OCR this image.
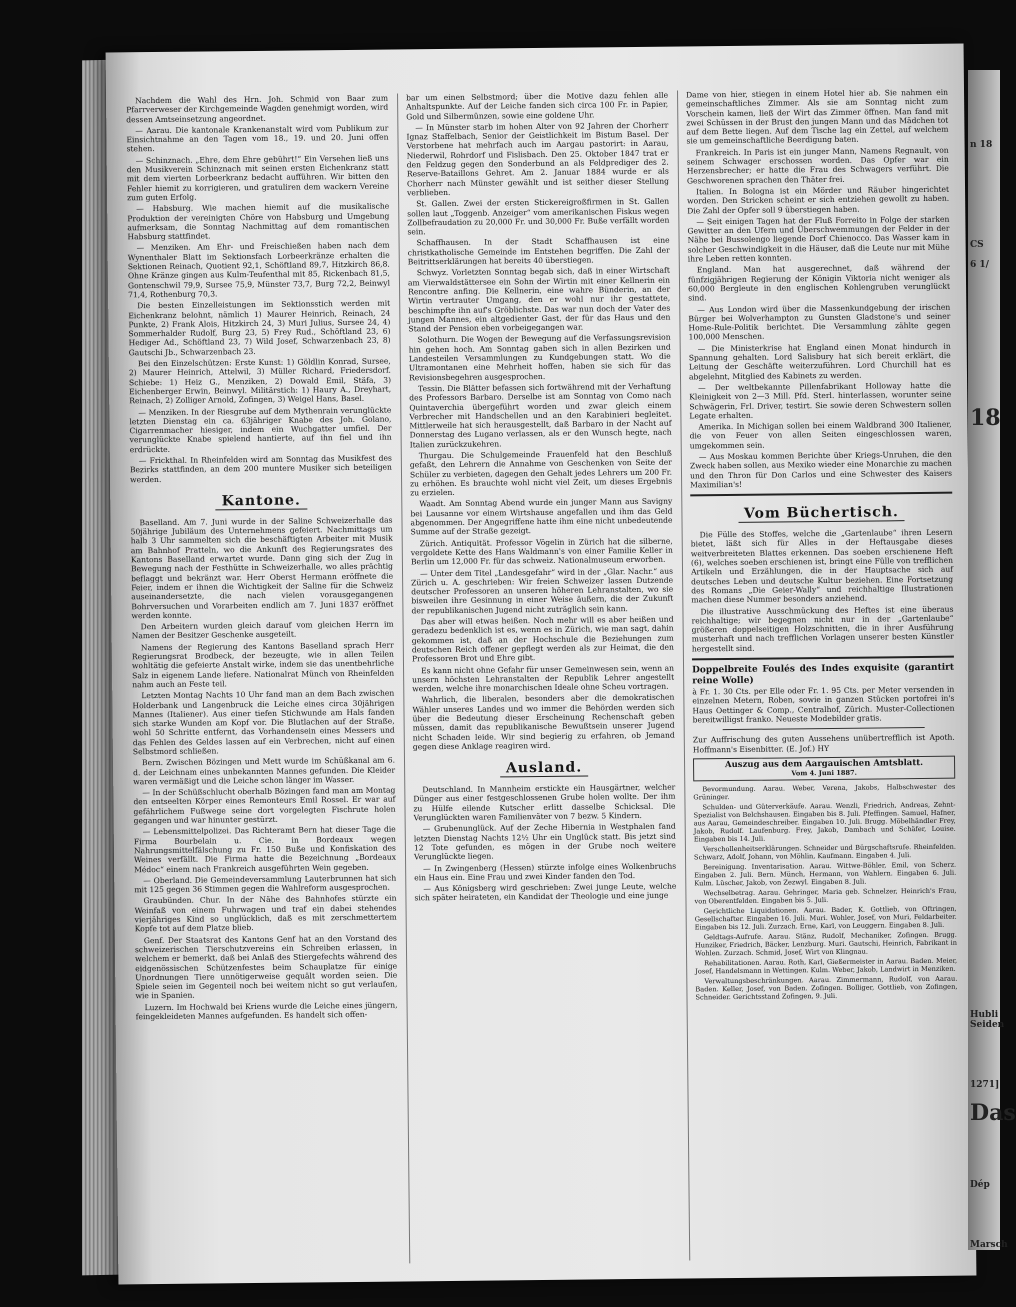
Nachdem die Wahl des Hrn. Joh. Schmid von Baar zum Pfarrverweser der Kirchgemeinde Wagden genehmigt worden, wird dessen Amtseinsetzung angeordnet.

— Aarau. Die kantonale Krankenanstalt wird vom Publikum zur Einsichtnahme an den Tagen vom 18., 19. und 20. Juni offen stehen.

— Schinznach. „Ehre, dem Ehre gebührt!“ Ein Versehen ließ uns den Musikverein Schinznach mit seinen ersten Eichenkranz statt mit dem vierten Lorbeerkranz bedacht aufführen. Wir bitten den Fehler hiemit zu korrigieren, und gratuliren dem wackern Vereine zum guten Erfolg.

— Habsburg. Wie machen hiemit auf die musikalische Produktion der vereinigten Chöre von Habsburg und Umgebung aufmerksam, die Sonntag Nachmittag auf dem romantischen Habsburg stattfindet.

— Menziken. Am Ehr- und Freischießen haben nach dem Wynenthaler Blatt im Sektionsfach Lorbeerkränze erhalten die Sektionen Reinach, Quotient 92,1, Schöftland 89,7, Hitzkirch 86,8. Ohne Kränze gingen aus Kulm-Teufenthal mit 85, Rickenbach 81,5, Gontenschwil 79,9, Sursee 75,9, Münster 73,7, Burg 72,2, Beinwyl 71,4, Rothenburg 70,3.

Die besten Einzelleistungen im Sektionsstich werden mit Eichenkranz belohnt, nämlich 1) Maurer Heinrich, Reinach, 24 Punkte, 2) Frank Alois, Hitzkirch 24, 3) Muri Julius, Sursee 24, 4) Sommerhalder Rudolf, Burg 23, 5) Frey Rud., Schöftland 23, 6) Hediger Ad., Schöftland 23, 7) Wild Josef, Schwarzenbach 23, 8) Gautschi Jb., Schwarzenbach 23.

Bei den Einzelschützen: Erste Kunst: 1) Göldlin Konrad, Sursee, 2) Maurer Heinrich, Attelwil, 3) Müller Richard, Friedersdorf. Schiebe: 1) Heiz G., Menziken, 2) Dowald Emil, Stäfa, 3) Eichenberger Erwin, Beinwyl. Militärstich: 1) Haury A., Dreyhart, Reinach, 2) Zolliger Arnold, Zofingen, 3) Weigel Hans, Basel.

— Menziken. In der Riesgrube auf dem Mythenrain verunglückte letzten Dienstag ein ca. 63jähriger Knabe des Joh. Golano, Cigarrenmacher hiesiger, indem ein Wuchgatter umfiel. Der verunglückte Knabe spielend hantierte, auf ihn fiel und ihn erdrückte.

— Frickthal. In Rheinfelden wird am Sonntag das Musikfest des Bezirks stattfinden, an dem 200 muntere Musiker sich beteiligen werden.

Kantone.

Baselland. Am 7. Juni wurde in der Saline Schweizerhalle das 50jährige Jubiläum des Unternehmens gefeiert. Nachmittags um halb 3 Uhr sammelten sich die beschäftigten Arbeiter mit Musik am Bahnhof Pratteln, wo die Ankunft des Regierungsrates des Kantons Baselland erwartet wurde. Dann ging sich der Zug in Bewegung nach der Festhütte in Schweizerhalle, wo alles prächtig beflaggt und bekränzt war. Herr Oberst Hermann eröffnete die Feier, indem er ihnen die Wichtigkeit der Saline für die Schweiz auseinandersetzte, die nach vielen vorausgegangenen Bohrversuchen und Vorarbeiten endlich am 7. Juni 1837 eröffnet werden konnte.

Den Arbeitern wurden gleich darauf vom gleichen Herrn im Namen der Besitzer Geschenke ausgeteilt.

Namens der Regierung des Kantons Baselland sprach Herr Regierungsrat Brodbeck, der bezeugte, wie in allen Teilen wohltätig die gefeierte Anstalt wirke, indem sie das unentbehrliche Salz in eigenem Lande liefere. Nationalrat Münch von Rheinfelden nahm auch an Feste teil.

Letzten Montag Nachts 10 Uhr fand man an dem Bach zwischen Holderbank und Langenbruck die Leiche eines circa 30jährigen Mannes (Italiener). Aus einer tiefen Stichwunde am Hals fanden sich starke Wunden am Kopf vor. Die Blutlachen auf der Straße, wohl 50 Schritte entfernt, das Vorhandensein eines Messers und das Fehlen des Geldes lassen auf ein Verbrechen, nicht auf einen Selbstmord schließen.

Bern. Zwischen Bözingen und Mett wurde im Schüßkanal am 6. d. der Leichnam eines unbekannten Mannes gefunden. Die Kleider waren vermäßigt und die Leiche schon länger im Wasser.

— In der Schüßschlucht oberhalb Bözingen fand man am Montag den entseelten Körper eines Remonteurs Emil Rossel. Er war auf gefährlichem Fußwege seine dort vorgelegten Fischrute holen gegangen und war hinunter gestürzt.

— Lebensmittelpolizei. Das Richteramt Bern hat dieser Tage die Firma Bourbelain u. Cie. in Bordeaux wegen Nahrungsmittelfälschung zu Fr. 150 Buße und Konfiskation des Weines verfällt. Die Firma hatte die Bezeichnung „Bordeaux Médoc“ einem nach Frankreich ausgeführten Wein gegeben.

— Oberland. Die Gemeindeversammlung Lauterbrunnen hat sich mit 125 gegen 36 Stimmen gegen die Wahlreform ausgesprochen.

Graubünden. Chur. In der Nähe des Bahnhofes stürzte ein Weinfaß von einem Fuhrwagen und traf ein dabei stehendes vierjähriges Kind so unglücklich, daß es mit zerschmettertem Kopfe tot auf dem Platze blieb.

Genf. Der Staatsrat des Kantons Genf hat an den Vorstand des schweizerischen Tierschutzvereins ein Schreiben erlassen, in welchem er bemerkt, daß bei Anlaß des Stiergefechts während des eidgenössischen Schützenfestes beim Schauplatze für einige Unordnungen Tiere unnötigerweise gequält worden seien. Die Spiele seien im Gegenteil noch bei weitem nicht so gut verlaufen, wie in Spanien.

Luzern. Im Hochwald bei Kriens wurde die Leiche eines jüngern, feingekleideten Mannes aufgefunden. Es handelt sich offen-

bar um einen Selbstmord; über die Motive dazu fehlen alle Anhaltspunkte. Auf der Leiche fanden sich circa 100 Fr. in Papier, Gold und Silbermünzen, sowie eine goldene Uhr.

— In Münster starb im hohen Alter von 92 Jahren der Chorherr Ignaz Staffelbach, Senior der Geistlichkeit im Bistum Basel. Der Verstorbene hat mehrfach auch im Aargau pastorirt: in Aarau, Niederwil, Rohrdorf und Fislisbach. Den 25. Oktober 1847 trat er den Feldzug gegen den Sonderbund an als Feldprediger des 2. Reserve-Bataillons Gehret. Am 2. Januar 1884 wurde er als Chorherr nach Münster gewählt und ist seither dieser Stellung verblieben.

St. Gallen. Zwei der ersten Stickereigroßfirmen in St. Gallen sollen laut „Toggenb. Anzeiger“ vom amerikanischen Fiskus wegen Zollbefraudation zu 20,000 Fr. und 30,000 Fr. Buße verfällt worden sein.

Schaffhausen. In der Stadt Schaffhausen ist eine christkatholische Gemeinde im Entstehen begriffen. Die Zahl der Beitrittserklärungen hat bereits 40 überstiegen.

Schwyz. Vorletzten Sonntag begab sich, daß in einer Wirtschaft am Vierwaldstättersee ein Sohn der Wirtin mit einer Kellnerin ein Rencontre anfing. Die Kellnerin, eine wahre Bünderin, an der Wirtin vertrauter Umgang, den er wohl nur ihr gestattete, beschimpfte ihn auf's Gröblichste. Das war nun doch der Vater des jungen Mannes, ein altgedienter Gast, der für das Haus und den Stand der Pension eben vorbeigegangen war.

Solothurn. Die Wogen der Bewegung auf die Verfassungsrevision hin gehen hoch. Am Sonntag gaben sich in allen Bezirken und Landesteilen Versammlungen zu Kundgebungen statt. Wo die Ultramontanen eine Mehrheit hoffen, haben sie sich für das Revisionsbegehren ausgesprochen.

Tessin. Die Blätter befassen sich fortwährend mit der Verhaftung des Professors Barbaro. Derselbe ist am Sonntag von Como nach Quintaverchia übergeführt worden und zwar gleich einem Verbrecher mit Handschellen und an den Karabinieri begleitet. Mittlerweile hat sich herausgestellt, daß Barbaro in der Nacht auf Donnerstag des Lugano verlassen, als er den Wunsch hegte, nach Italien zurückzukehren.

Thurgau. Die Schulgemeinde Frauenfeld hat den Beschluß gefaßt, den Lehrern die Annahme von Geschenken von Seite der Schüler zu verbieten, dagegen den Gehalt jedes Lehrers um 200 Fr. zu erhöhen. Es brauchte wohl nicht viel Zeit, um dieses Ergebnis zu erzielen.

Waadt. Am Sonntag Abend wurde ein junger Mann aus Savigny bei Lausanne vor einem Wirtshause angefallen und ihm das Geld abgenommen. Der Angegriffene hatte ihm eine nicht unbedeutende Summe auf der Straße gezeigt.

Zürich. Antiquität. Professor Vögelin in Zürich hat die silberne, vergoldete Kette des Hans Waldmann's von einer Familie Keller in Berlin um 12,000 Fr. für das schweiz. Nationalmuseum erworben.

— Unter dem Titel „Landesgefahr“ wird in der „Glar. Nachr.“ aus Zürich u. A. geschrieben: Wir freien Schweizer lassen Dutzende deutscher Professoren an unseren höheren Lehranstalten, wo sie bisweilen ihre Gesinnung in einer Weise äußern, die der Zukunft der republikanischen Jugend nicht zuträglich sein kann.

Das aber will etwas heißen. Noch mehr will es aber heißen und geradezu bedenklich ist es, wenn es in Zürich, wie man sagt, dahin gekommen ist, daß an der Hochschule die Beziehungen zum deutschen Reich offener gepflegt werden als zur Heimat, die den Professoren Brot und Ehre gibt.

Es kann nicht ohne Gefahr für unser Gemeinwesen sein, wenn an unsern höchsten Lehranstalten der Republik Lehrer angestellt werden, welche ihre monarchischen Ideale ohne Scheu vortragen.

Wahrlich, die liberalen, besonders aber die demokratischen Wähler unseres Landes und wo immer die Behörden werden sich über die Bedeutung dieser Erscheinung Rechenschaft geben müssen, damit das republikanische Bewußtsein unserer Jugend nicht Schaden leide. Wir sind begierig zu erfahren, ob Jemand gegen diese Anklage reagiren wird.

Ausland.

Deutschland. In Mannheim erstickte ein Hausgärtner, welcher Dünger aus einer festgeschlossenen Grube holen wollte. Der ihm zu Hülfe eilende Kutscher erlitt dasselbe Schicksal. Die Verunglückten waren Familienväter von 7 bezw. 5 Kindern.

— Grubenunglück. Auf der Zeche Hibernia in Westphalen fand letzten Dienstag Nachts 12½ Uhr ein Unglück statt. Bis jetzt sind 12 Tote gefunden, es mögen in der Grube noch weitere Verunglückte liegen.

— In Zwingenberg (Hessen) stürzte infolge eines Wolkenbruchs ein Haus ein. Eine Frau und zwei Kinder fanden den Tod.

— Aus Königsberg wird geschrieben: Zwei junge Leute, welche sich später heirateten, ein Kandidat der Theologie und eine junge

Dame von hier, stiegen in einem Hotel hier ab. Sie nahmen ein gemeinschaftliches Zimmer. Als sie am Sonntag nicht zum Vorschein kamen, ließ der Wirt das Zimmer öffnen. Man fand mit zwei Schüssen in der Brust den jungen Mann und das Mädchen tot auf dem Bette liegen. Auf dem Tische lag ein Zettel, auf welchem sie um gemeinschaftliche Beerdigung baten.

Frankreich. In Paris ist ein junger Mann, Namens Regnault, von seinem Schwager erschossen worden. Das Opfer war ein Herzensbrecher; er hatte die Frau des Schwagers verführt. Die Geschworenen sprachen den Thäter frei.

Italien. In Bologna ist ein Mörder und Räuber hingerichtet worden. Den Stricken scheint er sich entziehen gewollt zu haben. Die Zahl der Opfer soll 9 überstiegen haben.

— Seit einigen Tagen hat der Fluß Forreito in Folge der starken Gewitter an den Ufern und Überschwemmungen der Felder in der Nähe bei Bussolengo liegende Dorf Chienocco. Das Wasser kam in solcher Geschwindigkeit in die Häuser, daß die Leute nur mit Mühe ihre Leben retten konnten.

England. Man hat ausgerechnet, daß während der fünfzigjährigen Regierung der Königin Viktoria nicht weniger als 60,000 Bergleute in den englischen Kohlengruben verunglückt sind.

— Aus London wird über die Massenkundgebung der irischen Bürger bei Wolverhampton zu Gunsten Gladstone's und seiner Home-Rule-Politik berichtet. Die Versammlung zählte gegen 100,000 Menschen.

— Die Ministerkrise hat England einen Monat hindurch in Spannung gehalten. Lord Salisbury hat sich bereit erklärt, die Leitung der Geschäfte weiterzuführen. Lord Churchill hat es abgelehnt, Mitglied des Kabinets zu werden.

— Der weltbekannte Pillenfabrikant Holloway hatte die Kleinigkeit von 2—3 Mill. Pfd. Sterl. hinterlassen, worunter seine Schwägerin, Frl. Driver, testirt. Sie sowie deren Schwestern sollen Legate erhalten.

Amerika. In Michigan sollen bei einem Waldbrand 300 Italiener, die von Feuer von allen Seiten eingeschlossen waren, umgekommen sein.

— Aus Moskau kommen Berichte über Kriegs-Unruhen, die den Zweck haben sollen, aus Mexiko wieder eine Monarchie zu machen und den Thron für Don Carlos und eine Schwester des Kaisers Maximilian's!

Vom Büchertisch.

Die Fülle des Stoffes, welche die „Gartenlaube“ ihren Lesern bietet, läßt sich für Alles in der Heftausgabe dieses weitverbreiteten Blattes erkennen. Das soeben erschienene Heft (6), welches soeben erschienen ist, bringt eine Fülle von trefflichen Artikeln und Erzählungen, die in der Hauptsache sich auf deutsches Leben und deutsche Kultur beziehen. Eine Fortsetzung des Romans „Die Geier-Wally“ und reichhaltige Illustrationen machen diese Nummer besonders anziehend.

Die illustrative Ausschmückung des Heftes ist eine überaus reichhaltige; wir begegnen nicht nur in der „Gartenlaube“ größeren doppelseitigen Holzschnitten, die in ihrer Ausführung musterhaft und nach trefflichen Vorlagen unserer besten Künstler hergestellt sind.

Doppelbreite Foulés des Indes exquisite (garantirt reine Wolle)

à Fr. 1. 30 Cts. per Elle oder Fr. 1. 95 Cts. per Meter versenden in einzelnen Metern, Roben, sowie in ganzen Stücken portofrei in's Haus Oettinger & Comp., Centralhof, Zürich. Muster-Collectionen bereitwilligst franko. Neueste Modebilder gratis.

Zur Auffrischung des guten Aussehens unübertrefflich ist Apoth. Hoffmann's Eisenbitter. (E. Jof.) HY

Auszug aus dem Aargauischen Amtsblatt.
Vom 4. Juni 1887.

Bevormundung. Aarau. Weber, Verena, Jakobs, Halbschwester des Grüninger.

Schulden- und Güterverkäufe. Aarau. Wenzli, Friedrich, Andreas, Zehnt-Spezialist von Belchshausen. Eingaben bis 8. Juli. Pfeffingen. Samuel, Hafner, aus Aarau, Gemeindeschreiber. Eingaben 10. Juli. Brugg. Möbelhändler Frey, Jakob, Rudolf. Laufenburg. Frey, Jakob, Dambach und Schäfer, Louise. Eingaben bis 14. Juli.

Verschollenheitserklärungen. Schneider und Bürgschaftsrufe. Rheinfelden. Schwarz, Adolf, Johann, von Möhlin, Kaufmann. Eingaben 4. Juli.

Bereinigung. Inventarisation. Aarau. Wittwe-Böhler, Emil, von Scherz. Eingaben 2. Juli. Bern. Münch, Hermann, von Wahlern. Eingaben 6. Juli. Kulm. Lüscher, Jakob, von Zezwyl. Eingaben 8. Juli.

Wechselbetrag. Aarau. Gehringer, Maria geb. Schnelzer, Heinrich's Frau, von Oberentfelden. Eingaben bis 5. Juli.

Gerichtliche Liquidationen. Aarau. Bader, K. Gottlieb, von Oftringen, Gesellschafter. Eingaben 16. Juli. Muri. Wohler, Josef, von Muri, Feldarbeiter. Eingaben bis 12. Juli. Zurzach. Erne, Karl, von Leuggern. Eingaben 8. Juli.

Geldtags-Aufrufe. Aarau. Stänz, Rudolf, Mechaniker, Zofingen. Brugg. Hunziker, Friedrich, Bäcker, Lenzburg. Muri. Gautschi, Heinrich, Fabrikant in Wohlen. Zurzach. Schmid, Josef, Wirt von Klingnau.

Rehabilitationen. Aarau. Roth, Karl, Gießermeister in Aarau. Baden. Meier, Josef, Handelsmann in Wettingen. Kulm. Weber, Jakob, Landwirt in Menziken.

Verwaltungsbeschränkungen. Aarau. Zimmermann, Rudolf, von Aarau. Baden. Keller, Josef, von Baden. Zofingen. Bolliger, Gottlieb, von Zofingen, Schneider. Gerichtsstand Zofingen, 9. Juli.

n 18
CS
6 1/
18
Hubli Seiden
1271]
Das
Dép
Marsch
